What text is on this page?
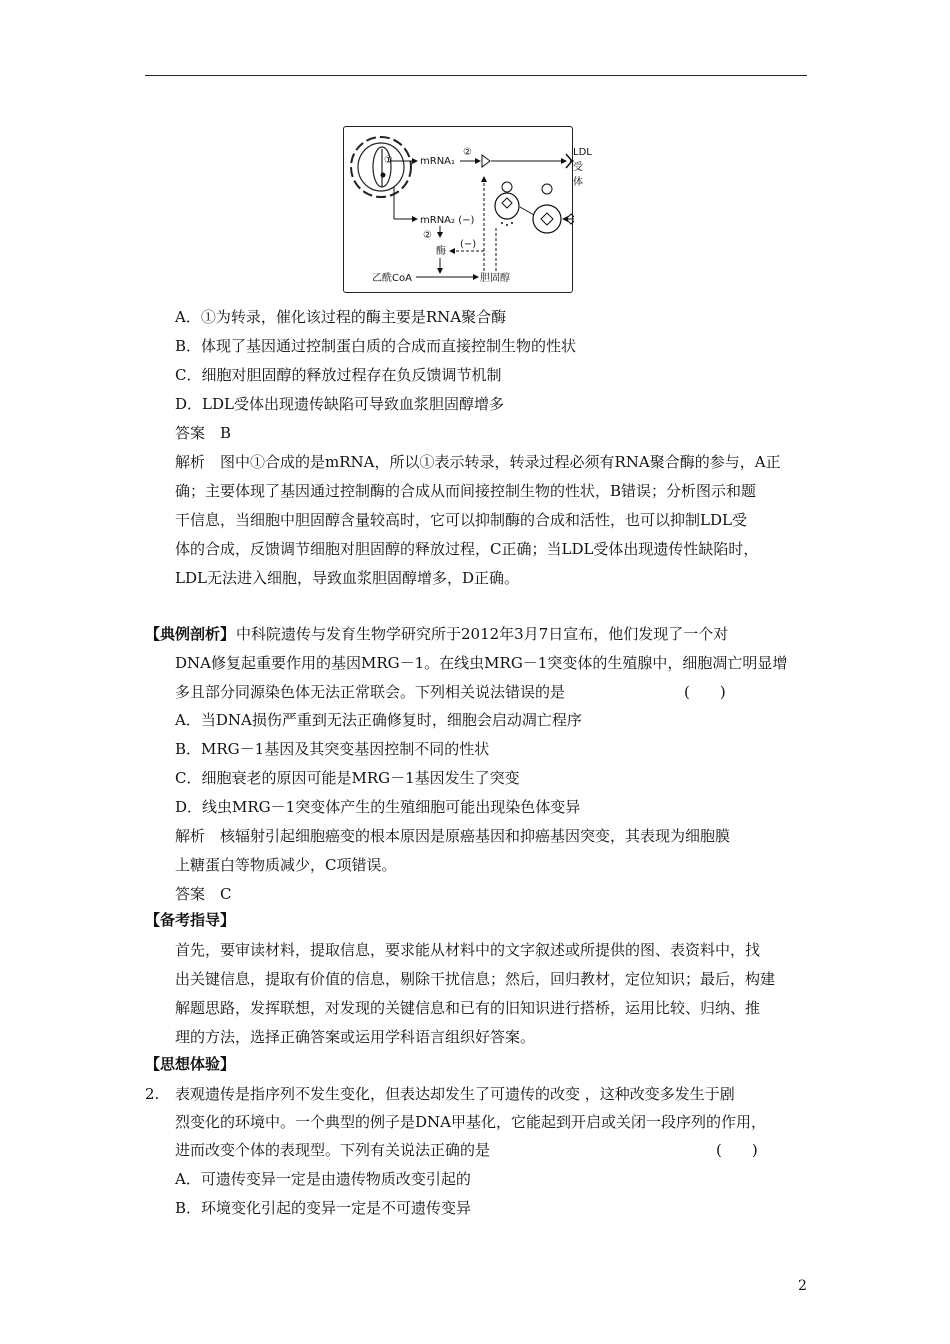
①	mRNA₁
②
mRNA₂ (−)
②
酶
(−)
乙酰CoA	胆固醇
LDL受体
A．①为转录，催化该过程的酶主要是RNA聚合酶
B．体现了基因通过控制蛋白质的合成而直接控制生物的性状
C．细胞对胆固醇的释放过程存在负反馈调节机制
D．LDL受体出现遗传缺陷可导致血浆胆固醇增多
答案　B
解析　图中①合成的是mRNA，所以①表示转录，转录过程必须有RNA聚合酶的参与，A正
确；主要体现了基因通过控制酶的合成从而间接控制生物的性状，B错误；分析图示和题
干信息，当细胞中胆固醇含量较高时，它可以抑制酶的合成和活性，也可以抑制LDL受
体的合成，反馈调节细胞对胆固醇的释放过程，C正确；当LDL受体出现遗传性缺陷时，
LDL无法进入细胞，导致血浆胆固醇增多，D正确。
【典例剖析】 中科院遗传与发育生物学研究所于2012年3月7日宣布，他们发现了一个对
DNA修复起重要作用的基因MRG－1。在线虫MRG－1突变体的生殖腺中，细胞凋亡明显增
多且部分同源染色体无法正常联会。下列相关说法错误的是	(　　)
A．当DNA损伤严重到无法正确修复时，细胞会启动凋亡程序
B．MRG－1基因及其突变基因控制不同的性状
C．细胞衰老的原因可能是MRG－1基因发生了突变
D．线虫MRG－1突变体产生的生殖细胞可能出现染色体变异
解析　核辐射引起细胞癌变的根本原因是原癌基因和抑癌基因突变，其表现为细胞膜
上糖蛋白等物质减少，C项错误。
答案　C
【备考指导】
首先，要审读材料，提取信息，要求能从材料中的文字叙述或所提供的图、表资料中，找
出关键信息，提取有价值的信息，剔除干扰信息；然后，回归教材，定位知识；最后，构建
解题思路，发挥联想，对发现的关键信息和已有的旧知识进行搭桥，运用比较、归纳、推
理的方法，选择正确答案或运用学科语言组织好答案。
【思想体验】
2. 表观遗传是指序列不发生变化，但表达却发生了可遗传的改变 ，这种改变多发生于剧
烈变化的环境中。一个典型的例子是DNA甲基化，它能起到开启或关闭一段序列的作用，
进而改变个体的表现型。下列有关说法正确的是	(　　)
A．可遗传变异一定是由遗传物质改变引起的
B．环境变化引起的变异一定是不可遗传变异
2
